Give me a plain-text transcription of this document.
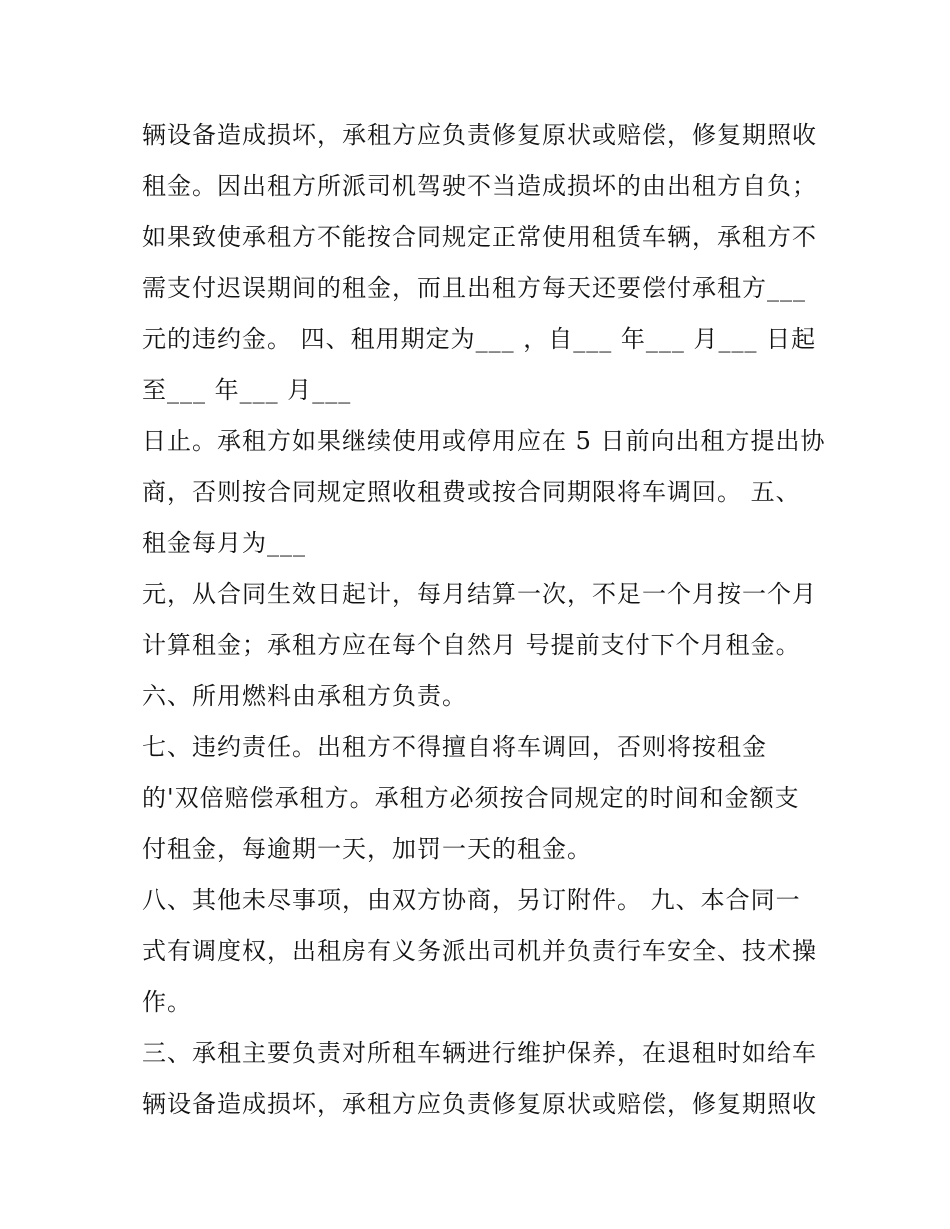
辆设备造成损坏，承租方应负责修复原状或赔偿，修复期照收
租金。因出租方所派司机驾驶不当造成损坏的由出租方自负；
如果致使承租方不能按合同规定正常使用租赁车辆，承租方不
需支付迟误期间的租金，而且出租方每天还要偿付承租方___
元的违约金。 四、租用期定为___ ，自___ 年___ 月___ 日起
至___ 年___ 月___
日止。承租方如果继续使用或停用应在 5 日前向出租方提出协
商，否则按合同规定照收租费或按合同期限将车调回。 五、
租金每月为___
元，从合同生效日起计，每月结算一次，不足一个月按一个月
计算租金；承租方应在每个自然月 号提前支付下个月租金。
六、所用燃料由承租方负责。
七、违约责任。出租方不得擅自将车调回，否则将按租金
的'双倍赔偿承租方。承租方必须按合同规定的时间和金额支
付租金，每逾期一天，加罚一天的租金。
八、其他未尽事项，由双方协商，另订附件。 九、本合同一
式有调度权，出租房有义务派出司机并负责行车安全、技术操
作。
三、承租主要负责对所租车辆进行维护保养，在退租时如给车
辆设备造成损坏，承租方应负责修复原状或赔偿，修复期照收
